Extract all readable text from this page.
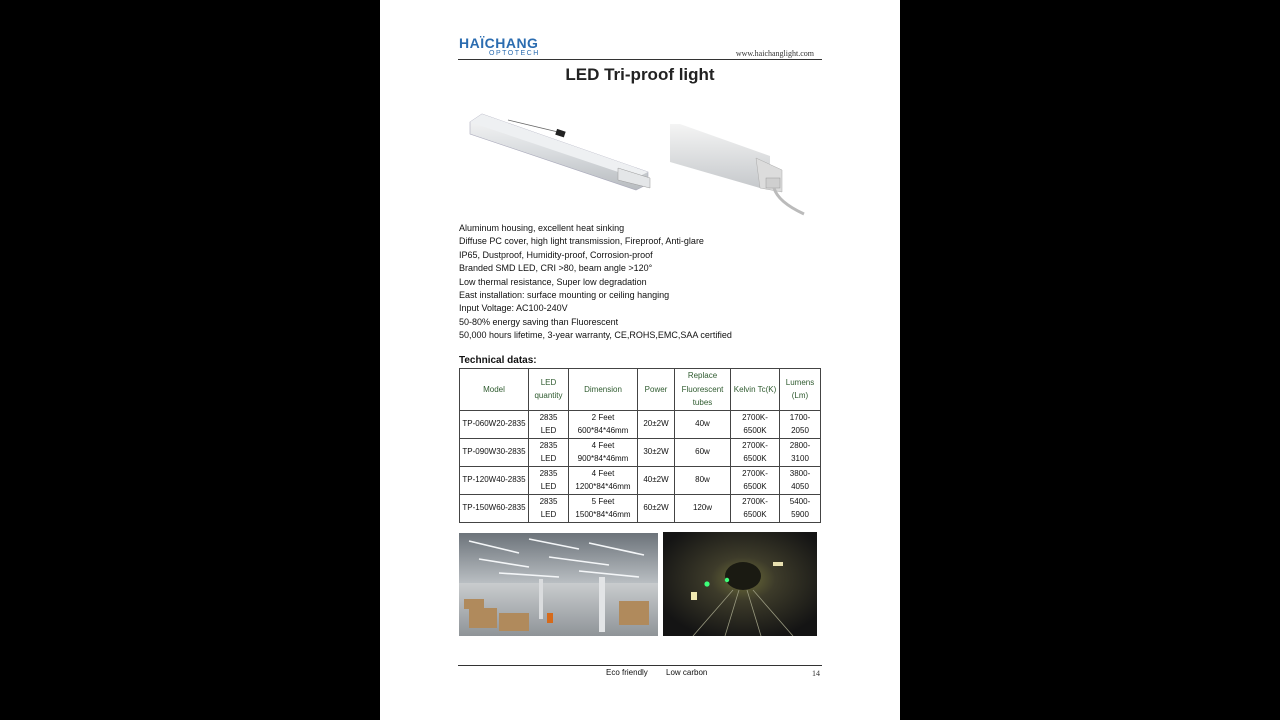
HAÏCHANG
OPTOTECH	www.haichanglight.com
LED Tri-proof light
Aluminum housing, excellent heat sinking
Diffuse PC cover, high light transmission, Fireproof, Anti-glare
IP65, Dustproof, Humidity-proof, Corrosion-proof
Branded SMD LED, CRI >80, beam angle >120°
Low thermal resistance, Super low degradation
East installation: surface mounting or ceiling hanging
Input Voltage: AC100-240V
50-80% energy saving than Fluorescent
50,000 hours lifetime, 3-year warranty, CE,ROHS,EMC,SAA certified
Technical datas:
Model	LED quantity	Dimension	Power	Replace Fluorescent tubes	Kelvin Tc(K)	Lumens (Lm)
TP-060W20-2835	2835 LED	2 Feet 600*84*46mm	20±2W	40w	2700K-6500K	1700-2050
TP-090W30-2835	2835 LED	4 Feet 900*84*46mm	30±2W	60w	2700K-6500K	2800-3100
TP-120W40-2835	2835 LED	4 Feet 1200*84*46mm	40±2W	80w	2700K-6500K	3800-4050
TP-150W60-2835	2835 LED	5 Feet 1500*84*46mm	60±2W	120w	2700K-6500K	5400-5900
Eco friendly Low carbon	14
